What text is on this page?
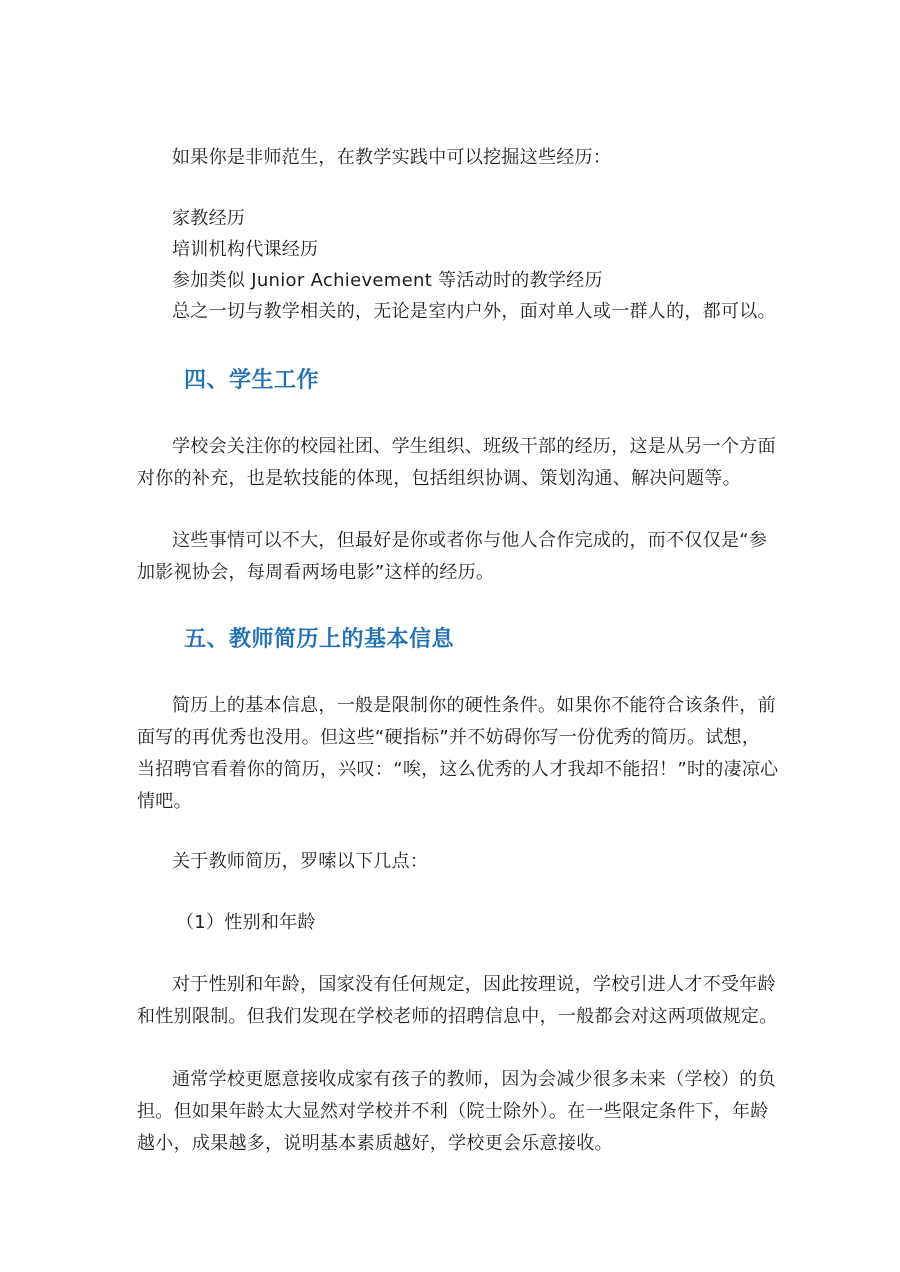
如果你是非师范生，在教学实践中可以挖掘这些经历：
家教经历
培训机构代课经历
参加类似 Junior Achievement 等活动时的教学经历
总之一切与教学相关的，无论是室内户外，面对单人或一群人的，都可以。
四、学生工作
学校会关注你的校园社团、学生组织、班级干部的经历，这是从另一个方面
对你的补充，也是软技能的体现，包括组织协调、策划沟通、解决问题等。
这些事情可以不大，但最好是你或者你与他人合作完成的，而不仅仅是“参
加影视协会，每周看两场电影”这样的经历。
五、教师简历上的基本信息
简历上的基本信息，一般是限制你的硬性条件。如果你不能符合该条件，前
面写的再优秀也没用。但这些“硬指标”并不妨碍你写一份优秀的简历。试想，
当招聘官看着你的简历，兴叹：“唉，这么优秀的人才我却不能招！”时的凄凉心
情吧。
关于教师简历，罗嗦以下几点：
（1）性别和年龄
对于性别和年龄，国家没有任何规定，因此按理说，学校引进人才不受年龄
和性别限制。但我们发现在学校老师的招聘信息中，一般都会对这两项做规定。
通常学校更愿意接收成家有孩子的教师，因为会减少很多未来（学校）的负
担。但如果年龄太大显然对学校并不利（院士除外）。在一些限定条件下，年龄
越小，成果越多，说明基本素质越好，学校更会乐意接收。
